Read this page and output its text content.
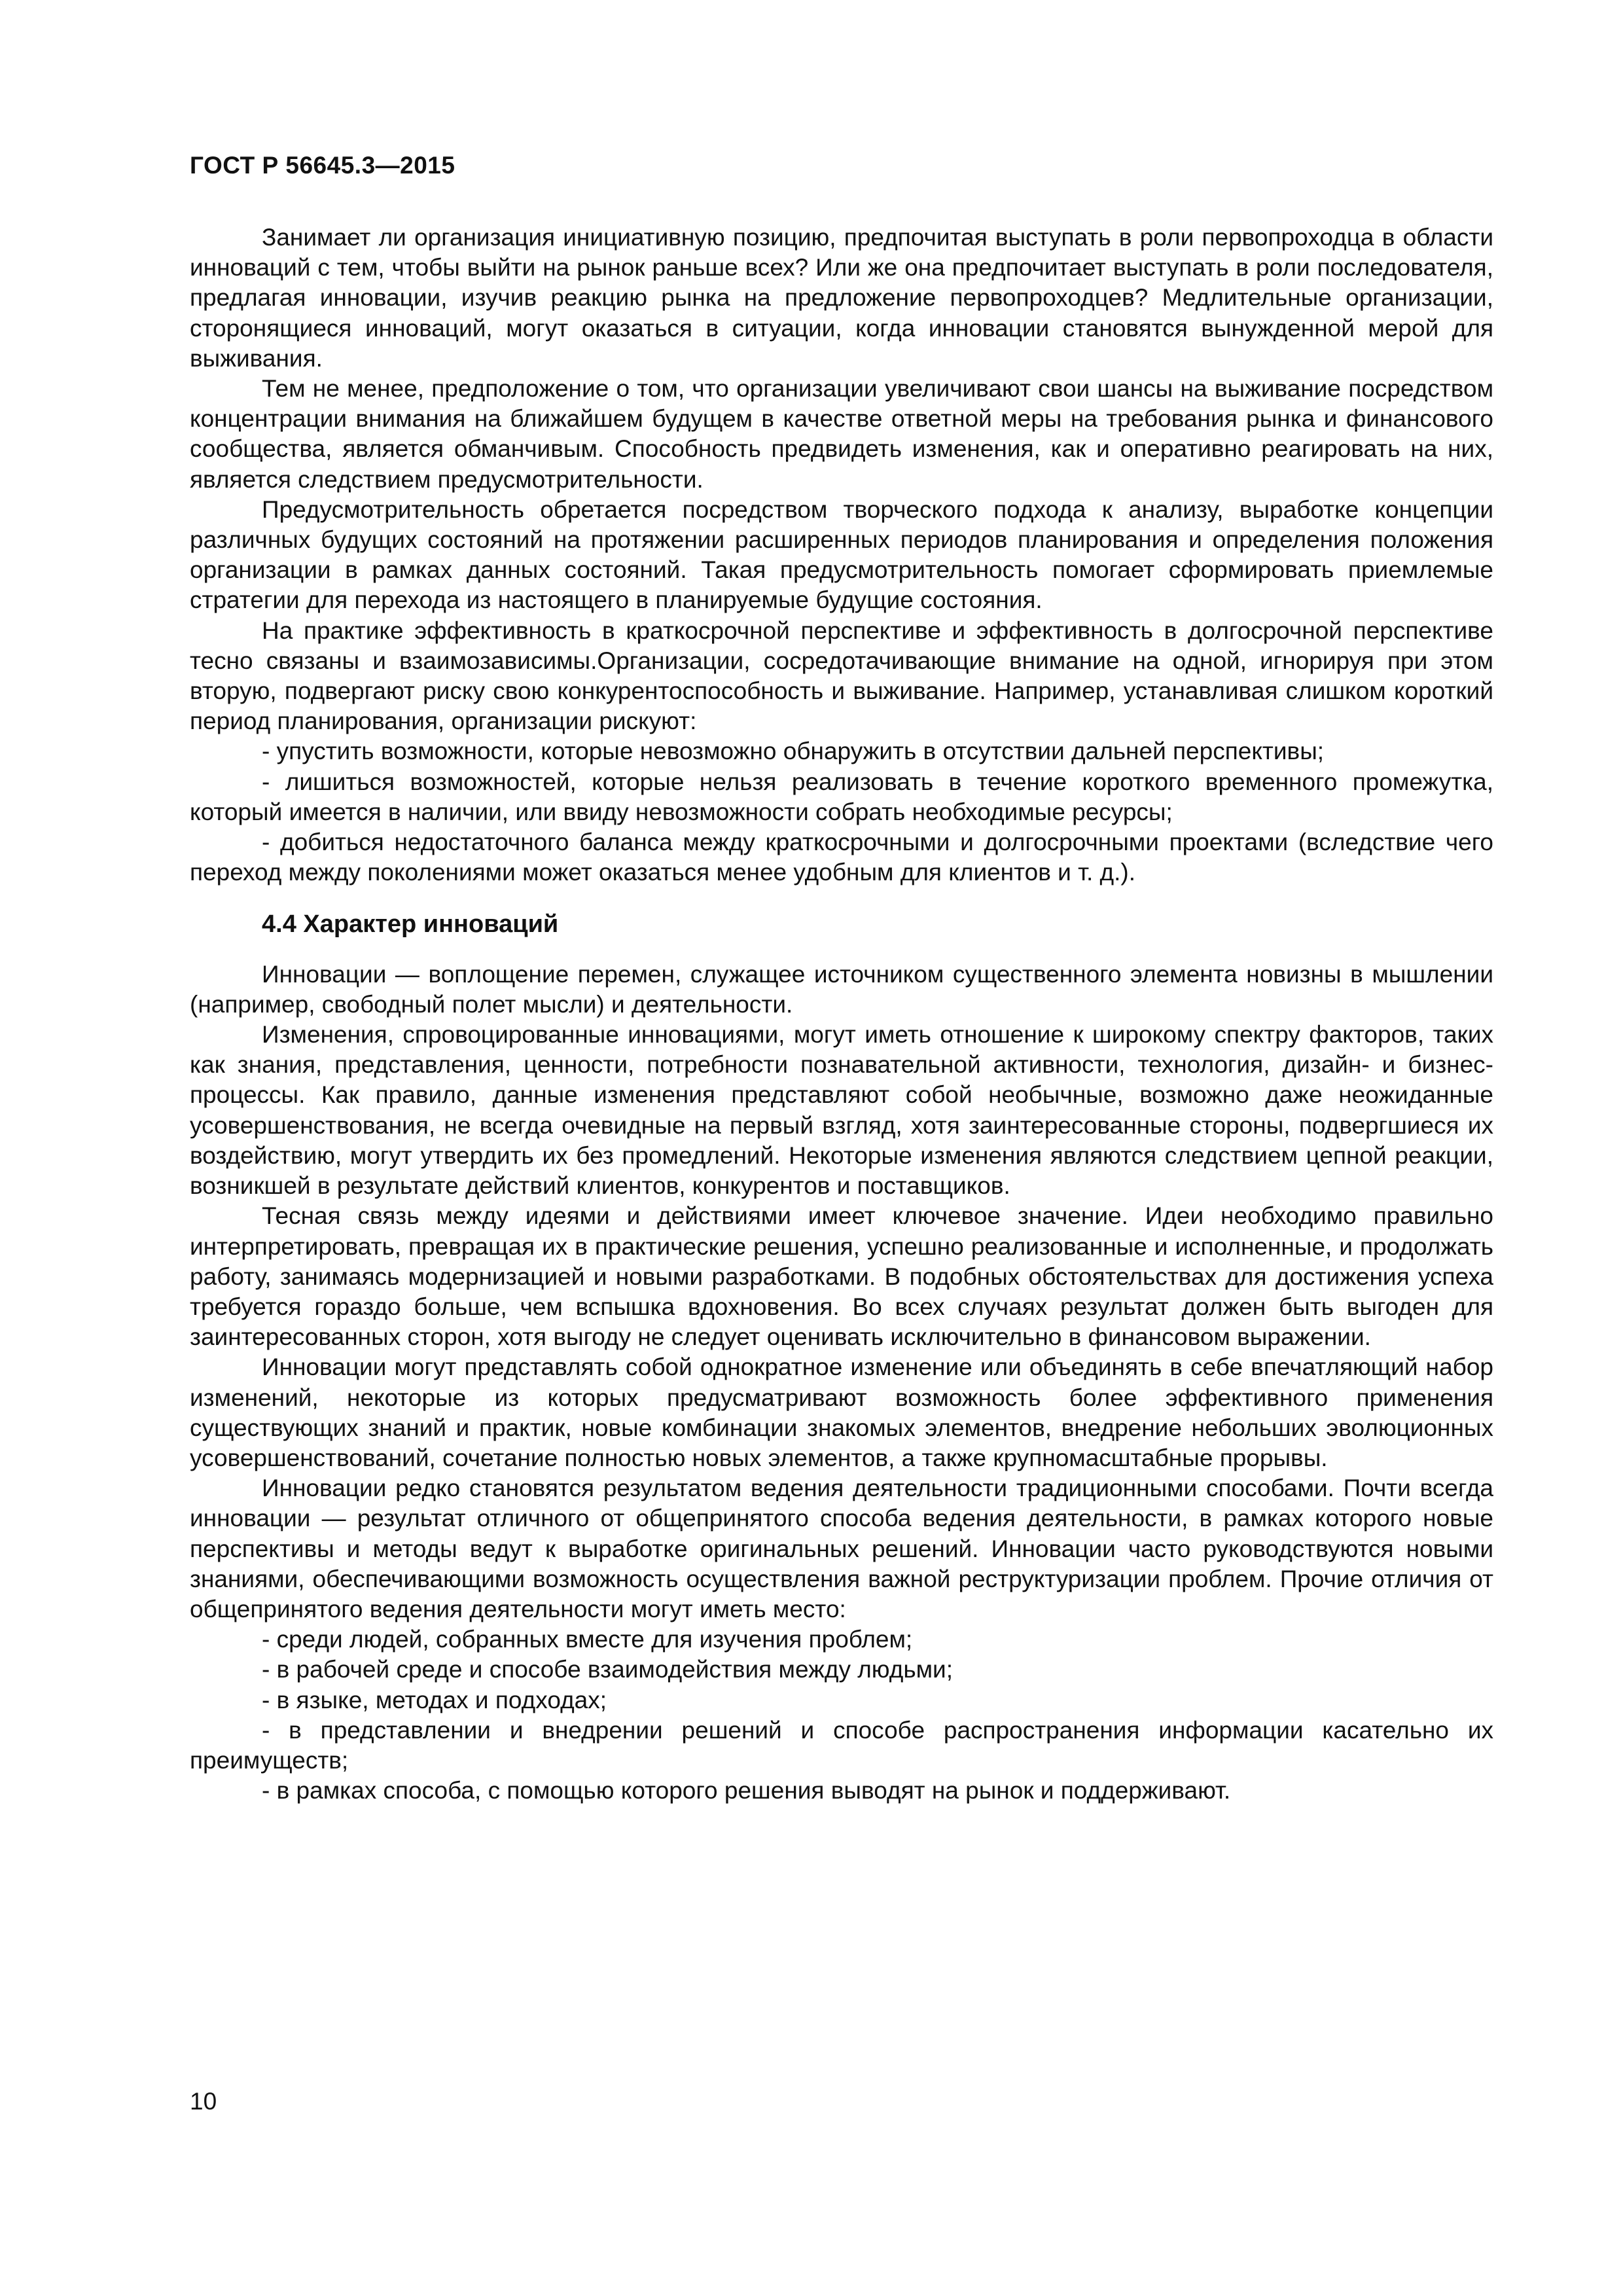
ГОСТ Р 56645.3—2015

Занимает ли организация инициативную позицию, предпочитая выступать в роли первопроходца в области инноваций с тем, чтобы выйти на рынок раньше всех? Или же она предпочитает выступать в роли последователя, предлагая инновации, изучив реакцию рынка на предложение первопроходцев? Медлительные организации, сторонящиеся инноваций, могут оказаться в ситуации, когда инновации становятся вынужденной мерой для выживания.

Тем не менее, предположение о том, что организации увеличивают свои шансы на выживание посредством концентрации внимания на ближайшем будущем в качестве ответной меры на требования рынка и финансового сообщества, является обманчивым. Способность предвидеть изменения, как и оперативно реагировать на них, является следствием предусмотрительности.

Предусмотрительность обретается посредством творческого подхода к анализу, выработке концепции различных будущих состояний на протяжении расширенных периодов планирования и определения положения организации в рамках данных состояний. Такая предусмотрительность помогает сформировать приемлемые стратегии для перехода из настоящего в планируемые будущие состояния.

На практике эффективность в краткосрочной перспективе и эффективность в долгосрочной перспективе тесно связаны и взаимозависимы.Организации, сосредотачивающие внимание на одной, игнорируя при этом вторую, подвергают риску свою конкурентоспособность и выживание. Например, устанавливая слишком короткий период планирования, организации рискуют:

- упустить возможности, которые невозможно обнаружить в отсутствии дальней перспективы;

- лишиться возможностей, которые нельзя реализовать в течение короткого временного промежутка, который имеется в наличии, или ввиду невозможности собрать необходимые ресурсы;

- добиться недостаточного баланса между краткосрочными и долгосрочными проектами (вследствие чего переход между поколениями может оказаться менее удобным для клиентов и т. д.).

4.4 Характер инноваций

Инновации — воплощение перемен, служащее источником существенного элемента новизны в мышлении (например, свободный полет мысли) и деятельности.

Изменения, спровоцированные инновациями, могут иметь отношение к широкому спектру факторов, таких как знания, представления, ценности, потребности познавательной активности, технология, дизайн- и бизнес-процессы. Как правило, данные изменения представляют собой необычные, возможно даже неожиданные усовершенствования, не всегда очевидные на первый взгляд, хотя заинтересованные стороны, подвергшиеся их воздействию, могут утвердить их без промедлений. Некоторые изменения являются следствием цепной реакции, возникшей в результате действий клиентов, конкурентов и поставщиков.

Тесная связь между идеями и действиями имеет ключевое значение. Идеи необходимо правильно интерпретировать, превращая их в практические решения, успешно реализованные и исполненные, и продолжать работу, занимаясь модернизацией и новыми разработками. В подобных обстоятельствах для достижения успеха требуется гораздо больше, чем вспышка вдохновения. Во всех случаях результат должен быть выгоден для заинтересованных сторон, хотя выгоду не следует оценивать исключительно в финансовом выражении.

Инновации могут представлять собой однократное изменение или объединять в себе впечатляющий набор изменений, некоторые из которых предусматривают возможность более эффективного применения существующих знаний и практик, новые комбинации знакомых элементов, внедрение небольших эволюционных усовершенствований, сочетание полностью новых элементов, а также крупномасштабные прорывы.

Инновации редко становятся результатом ведения деятельности традиционными способами. Почти всегда инновации — результат отличного от общепринятого способа ведения деятельности, в рамках которого новые перспективы и методы ведут к выработке оригинальных решений. Инновации часто руководствуются новыми знаниями, обеспечивающими возможность осуществления важной реструктуризации проблем. Прочие отличия от общепринятого ведения деятельности могут иметь место:

- среди людей, собранных вместе для изучения проблем;

- в рабочей среде и способе взаимодействия между людьми;

- в языке, методах и подходах;

- в представлении и внедрении решений и способе распространения информации касательно их преимуществ;

- в рамках способа, с помощью которого решения выводят на рынок и поддерживают.

10
